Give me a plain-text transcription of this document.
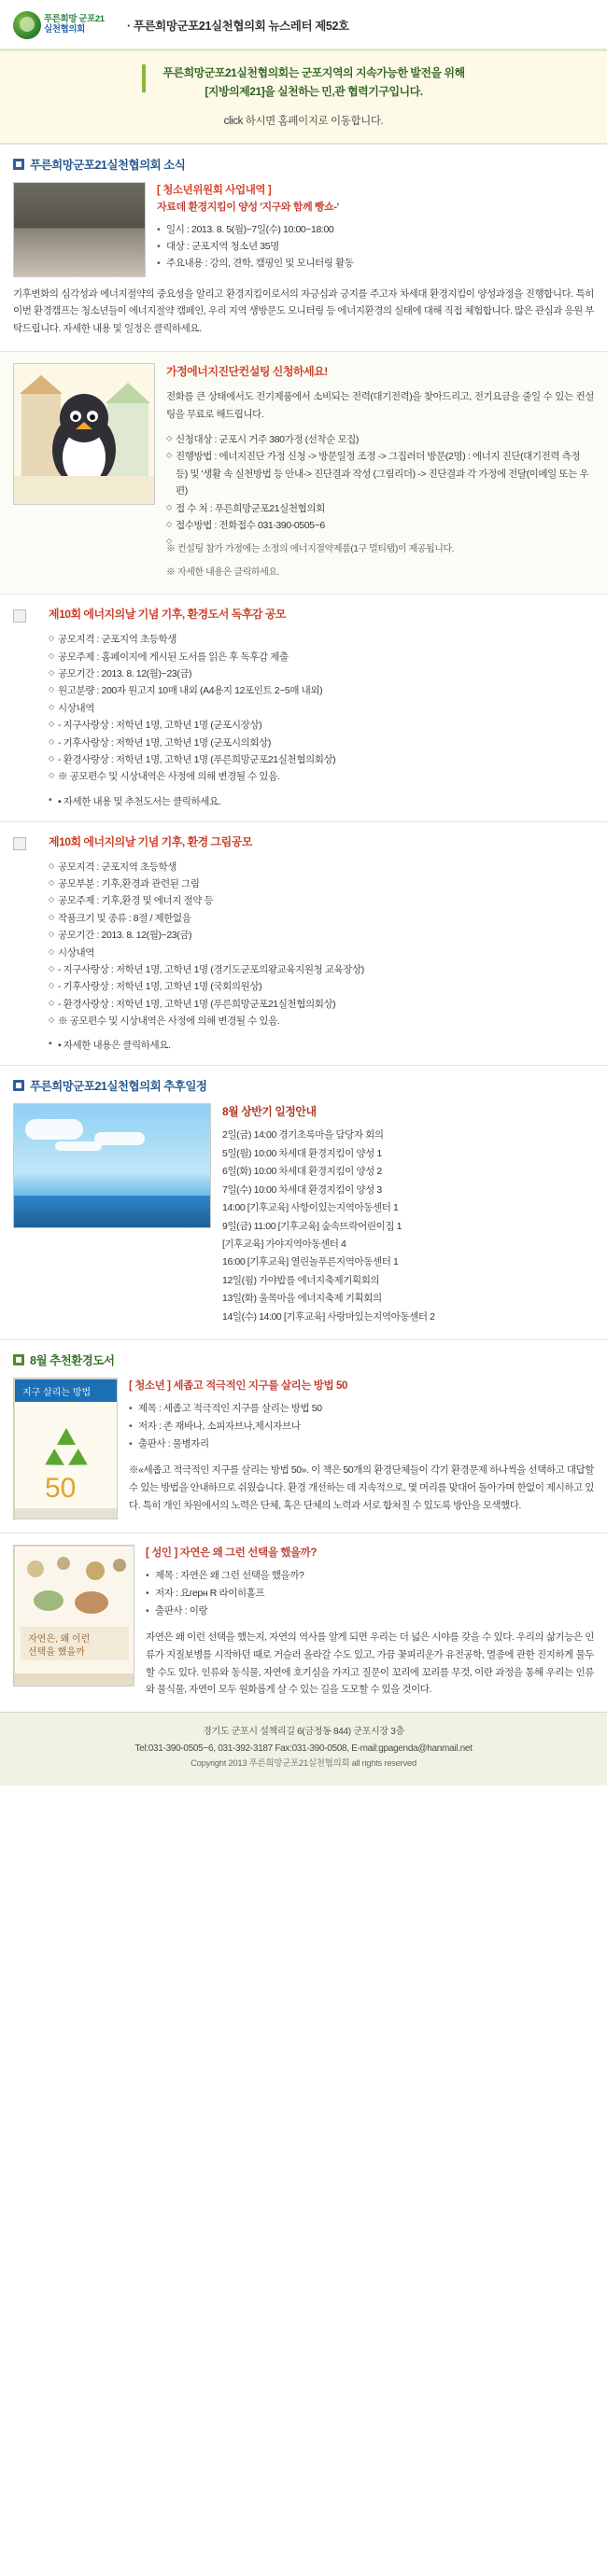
푸른희망 군포21
실천협의회	· 푸른희망군포21실천협의회 뉴스레터 제52호
푸른희망군포21실천협의회는 군포지역의 지속가능한 발전을 위해
[지방의제21]을 실천하는 민,관 협력기구입니다.
click 하시면 홈페이지로 이동합니다.
푸른희망군포21실천협의회 소식
[ 청소년위원회 사업내역 ]
자료데 환경지킴이 양성 '지구와 함께 빵쇼-'
• 일시 : 2013. 8. 5(월)~7일(수) 10:00~18:00
• 대상 : 군포지역 청소년 35명
• 주요내용 : 강의, 견학, 캠핑인 및 모니터링 활동
기후변화의 심각성과 에너지절약의 중요성을 알리고 환경지킴이로서의 자긍심과 긍지를 주고자 차세대 환경지킴이 양성과정을 진행합니다. 특히 이번 환경캠프는 청소년들이 에너지절약 캠페인, 우리 지역 생방문도 모니터링 등 에너지환경의 실태에 대해 직접 체험합니다. 많은 관심과 응원 부탁드립니다. 자세한 내용 및 일정은 클릭하세요.
가정에너지진단컨설팅 신청하세요!
전화를 큰 상태에서도 전기제품에서 소비되는 전력(대기전력)을 찾아드리고, 전기요금을 줄일 수 있는 컨설팅을 무료로 해드립니다.
◇ 신청대상 : 군포시 거주 380가정 (선착순 모집)
◇ 진행방법 : 에너지진단 가정 신청 -> 방문일정 조정 -> 그집러더 방문(2명) : 에너지 진단(대기전력 측정 등) 및 '생활 속 실천방법 등 안내-> 진단결과 작성 (그림리더) -> 진단결과 각 가정에 전달(이메일 또는 우편)
◇ 접 수 처 : 푸른희망군포21실천협의회
◇ 접수방법 : 전화접수 031-390-0505~6
※ 컨설팅 참가 가정에는 소정의 에너지절약제품(1구 멀티탭)이 제공됩니다.
※ 자세한 내용은 클릭하세요.
제10회 에너지의날 기념 기후, 환경도서 독후감 공모
◇ 공모지격 : 군포지역 초등학생
◇ 공모주제 : 홈페이지에 게시된 도서를 읽은 후 독후감 제출
◇ 공모기간 : 2013. 8. 12(월)~23(금)
◇ 원고분량 : 200자 원고지 10매 내외 (A4용지 12포인트 2~5매 내외)
◇ 시상내역
◇ - 지구사랑상 : 저학년 1명, 고학년 1명 (군포시장상)
◇ - 기후사랑상 : 저학년 1명, 고학년 1명 (군포시의회상)
◇ - 환경사랑상 : 저학년 1명, 고학년 1명 (푸른희망군포21실천협의회상)
◇ ※ 공모편수 및 시상내역은 사정에 의해 변경될 수 있음.
• • 자세한 내용 및 추천도서는 클릭하세요.
제10회 에너지의날 기념 기후, 환경 그림공모
◇ 공모지격 : 군포지역 초등학생
◇ 공모부분 : 기후,환경과 관련된 그림
◇ 공모주제 : 기후,환경 및 에너지 절약 등
◇ 작품크기 및 종류 : 8절 / 제한없음
◇ 공모기간 : 2013. 8. 12(월)~23(금)
◇ 시상내역
◇ - 지구사랑상 : 저학년 1명, 고학년 1명 (경기도군포의왕교육지원청 교육장상)
◇ - 기후사랑상 : 저학년 1명, 고학년 1명 (국회의원상)
◇ - 환경사랑상 : 저학년 1명, 고학년 1명 (푸른희망군포21실천협의회상)
◇ ※ 공모편수 및 시상내역은 사정에 의해 변경될 수 있음.
• • 자세한 내용은 클릭하세요.
푸른희망군포21실천협의회 추후일정
8월 상반기 일정안내
2일(금) 14:00 경기초록마을 담당자 회의
5일(월) 10:00 차세대 환경지킴이 양성 1
6일(화) 10:00 차세대 환경지킴이 양성 2
7일(수) 10:00 차세대 환경지킴이 양성 3
14:00 [기후교육] 사항이있는지역아동센터 1
9일(금) 11:00 [기후교육] 숲속뜨락어린이집 1
[기후교육] 가야지역아동센터 4
16:00 [기후교육] 열린놀푸른지역아동센터 1
12일(월) 가야밥를 에너지축제기획회의
13일(화) 울목마을 에너지축제 기획회의
14일(수) 14:00 [기후교육] 사랑마있는지역아동센터 2
8월 추천환경도서
지구 살리는 방법
50
[ 청소년 ] 세좁고 적극적인 지구를 살리는 방법 50
• 제목 : 세좁고 적극적인 지구를 살리는 방법 50
• 저자 : 존 재바나, 소피자브나,제시자브나
• 출판사 : 물병자리
※«세좁고 적극적인 지구를 살리는 방법 50». 이 책은 50개의 환경단체들이 각기 환경문제 하나씩을 선택하고 대답할 수 있는 방법을 안내하므로 쉬웠습니다. 환경 개선하는 데 지속적으로, 몇 머리를 맞대어 돌아가며 한없이 제시하고 있다. 특히 개인 차원에서의 노력은 단체, 혹은 단체의 노력과 서로 합쳐질 수 있도록 방안을 모색했다.
자연은, 왜 이런
선택을 했을까
[ 성인 ] 자연은 왜 그런 선택을 했을까?
• 제목 : 자연은 왜 그런 선택을 했을까?
• 저자 : 요герн R 라이히홀프
• 출판사 : 이랑
자연은 왜 이런 선택을 했는지, 자연의 역사를 알게 되면 우리는 더 넓은 시야를 갖을 수 있다. 우리의 삶기능은 인류가 지질보병를 시작하던 때로 거슬러 올라갈 수도 있고, 가끔 꽃피리운가 유전공학, 멸종에 관한 진지하게 물두할 수도 있다. 인류와 동식물, 자연에 호기심을 가지고 질문이 꼬리에 꼬리를 무것, 이란 과정을 통해 우리는 인류와 물식물, 자연이 모두 원화롭게 살 수 있는 길을 도모할 수 있을 것이다.
경기도 군포시 설책리길 6(금정동 844) 군포시장 3층
Tel:031-390-0505~6, 031-392-3187 Fax:031-390-0508, E-mail:gpagenda@hanmail.net
Copyright 2013 푸른희망군포21실천협의회 all rights reserved
